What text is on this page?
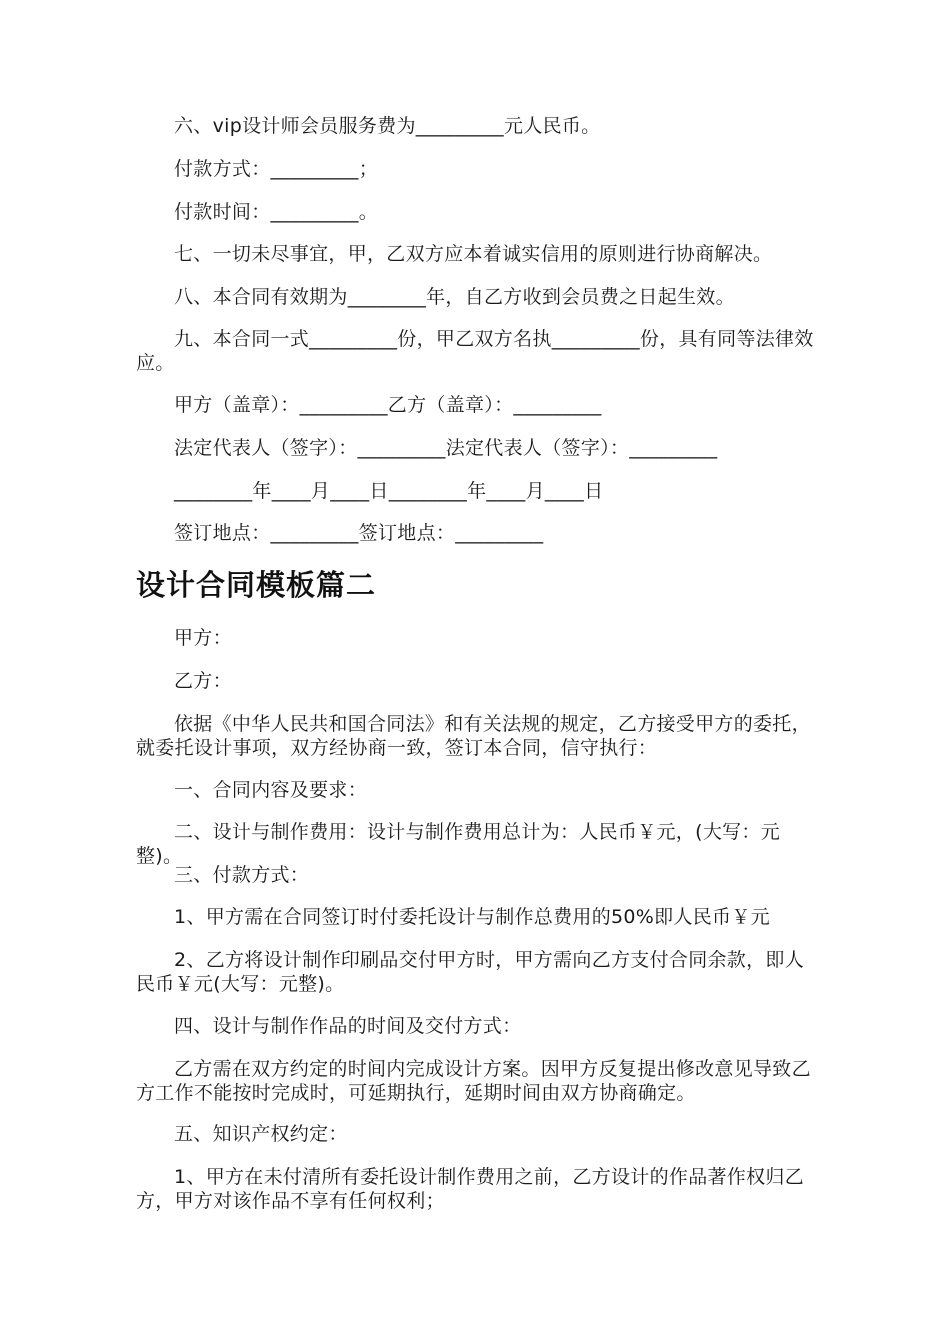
六、vip设计师会员服务费为_________元人民币。

付款方式：_________；

付款时间：_________。

七、一切未尽事宜，甲，乙双方应本着诚实信用的原则进行协商解决。

八、本合同有效期为________年，自乙方收到会员费之日起生效。

九、本合同一式_________份，甲乙双方名执_________份，具有同等法律效应。

甲方（盖章）：_________乙方（盖章）：_________

法定代表人（签字）：_________法定代表人（签字）：_________

________年____月____日________年____月____日

签订地点：_________签订地点：_________

设计合同模板篇二

甲方：

乙方：

依据《中华人民共和国合同法》和有关法规的规定，乙方接受甲方的委托，就委托设计事项，双方经协商一致，签订本合同，信守执行：

一、合同内容及要求：

二、设计与制作费用：设计与制作费用总计为：人民币￥元，(大写：元整)。

三、付款方式：

1、甲方需在合同签订时付委托设计与制作总费用的50%即人民币￥元

2、乙方将设计制作印刷品交付甲方时，甲方需向乙方支付合同余款，即人民币￥元(大写：元整)。

四、设计与制作作品的时间及交付方式：

乙方需在双方约定的时间内完成设计方案。因甲方反复提出修改意见导致乙方工作不能按时完成时，可延期执行，延期时间由双方协商确定。

五、知识产权约定：

1、甲方在未付清所有委托设计制作费用之前，乙方设计的作品著作权归乙方，甲方对该作品不享有任何权利；
